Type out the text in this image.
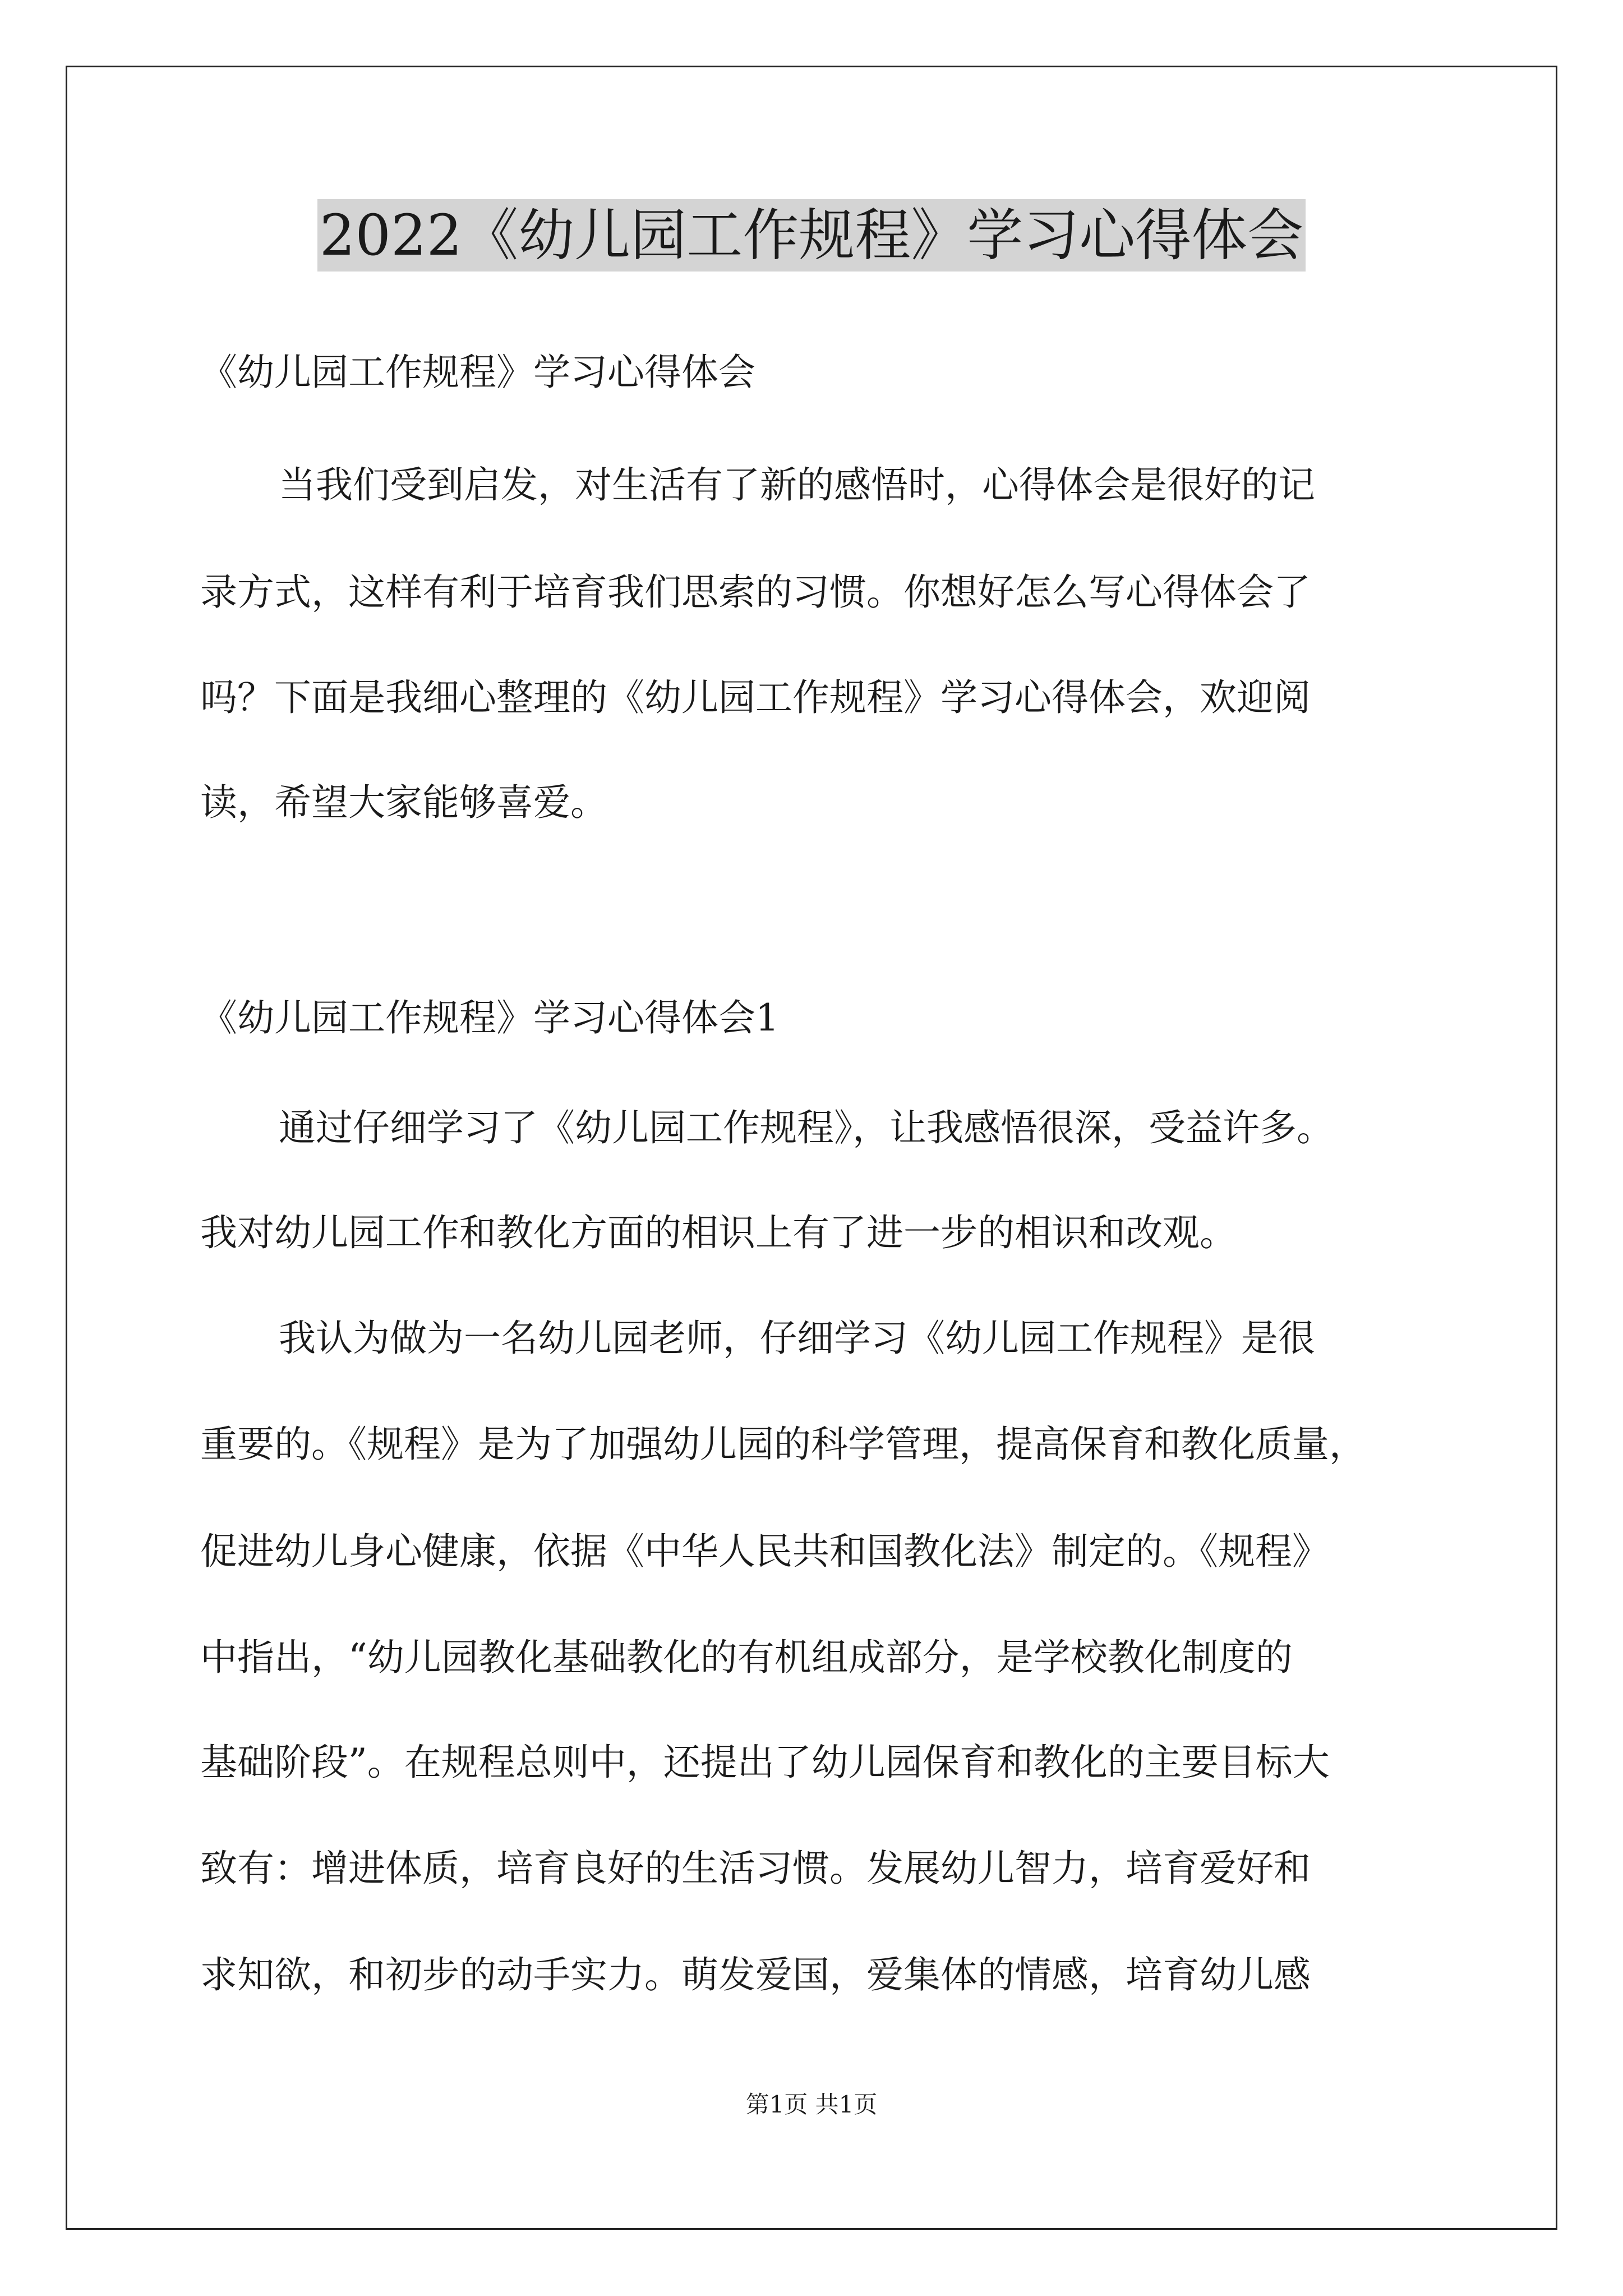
2022《幼儿园工作规程》学习心得体会

《幼儿园工作规程》学习心得体会

当我们受到启发，对生活有了新的感悟时，心得体会是很好的记

录方式，这样有利于培育我们思索的习惯。你想好怎么写心得体会了

吗？下面是我细心整理的《幼儿园工作规程》学习心得体会，欢迎阅

读，希望大家能够喜爱。

《幼儿园工作规程》学习心得体会1

通过仔细学习了《幼儿园工作规程》，让我感悟很深，受益许多。

我对幼儿园工作和教化方面的相识上有了进一步的相识和改观。

我认为做为一名幼儿园老师，仔细学习《幼儿园工作规程》是很

重要的。《规程》是为了加强幼儿园的科学管理，提高保育和教化质量，

促进幼儿身心健康，依据《中华人民共和国教化法》制定的。《规程》

中指出，“幼儿园教化基础教化的有机组成部分，是学校教化制度的

基础阶段”。在规程总则中，还提出了幼儿园保育和教化的主要目标大

致有：增进体质，培育良好的生活习惯。发展幼儿智力，培育爱好和

求知欲，和初步的动手实力。萌发爱国，爱集体的情感，培育幼儿感

第1页 共1页
